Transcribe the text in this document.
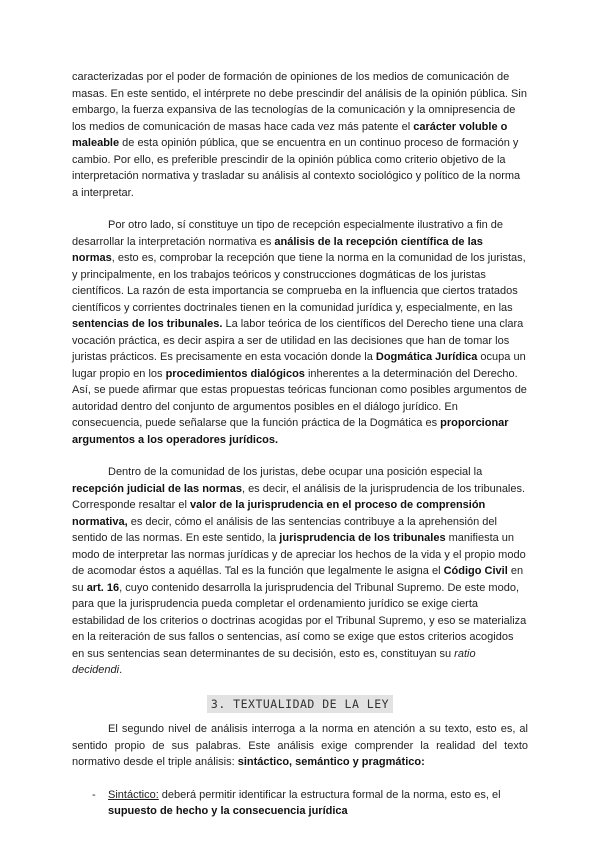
caracterizadas por el poder de formación de opiniones de los medios de comunicación de masas. En este sentido, el intérprete no debe prescindir del análisis de la opinión pública. Sin embargo, la fuerza expansiva de las tecnologías de la comunicación y la omnipresencia de los medios de comunicación de masas hace cada vez más patente el carácter voluble o maleable de esta opinión pública, que se encuentra en un continuo proceso de formación y cambio. Por ello, es preferible prescindir de la opinión pública como criterio objetivo de la interpretación normativa y trasladar su análisis al contexto sociológico y político de la norma a interpretar.

Por otro lado, sí constituye un tipo de recepción especialmente ilustrativo a fin de desarrollar la interpretación normativa es análisis de la recepción científica de las normas, esto es, comprobar la recepción que tiene la norma en la comunidad de los juristas, y principalmente, en los trabajos teóricos y construcciones dogmáticas de los juristas científicos. La razón de esta importancia se comprueba en la influencia que ciertos tratados científicos y corrientes doctrinales tienen en la comunidad jurídica y, especialmente, en las sentencias de los tribunales. La labor teórica de los científicos del Derecho tiene una clara vocación práctica, es decir aspira a ser de utilidad en las decisiones que han de tomar los juristas prácticos. Es precisamente en esta vocación donde la Dogmática Jurídica ocupa un lugar propio en los procedimientos dialógicos inherentes a la determinación del Derecho. Así, se puede afirmar que estas propuestas teóricas funcionan como posibles argumentos de autoridad dentro del conjunto de argumentos posibles en el diálogo jurídico. En consecuencia, puede señalarse que la función práctica de la Dogmática es proporcionar argumentos a los operadores jurídicos.

Dentro de la comunidad de los juristas, debe ocupar una posición especial la recepción judicial de las normas, es decir, el análisis de la jurisprudencia de los tribunales. Corresponde resaltar el valor de la jurisprudencia en el proceso de comprensión normativa, es decir, cómo el análisis de las sentencias contribuye a la aprehensión del sentido de las normas. En este sentido, la jurisprudencia de los tribunales manifiesta un modo de interpretar las normas jurídicas y de apreciar los hechos de la vida y el propio modo de acomodar éstos a aquéllas. Tal es la función que legalmente le asigna el Código Civil en su art. 16, cuyo contenido desarrolla la jurisprudencia del Tribunal Supremo. De este modo, para que la jurisprudencia pueda completar el ordenamiento jurídico se exige cierta estabilidad de los criterios o doctrinas acogidas por el Tribunal Supremo, y eso se materializa en la reiteración de sus fallos o sentencias, así como se exige que estos criterios acogidos en sus sentencias sean determinantes de su decisión, esto es, constituyan su ratio decidendi.

3. TEXTUALIDAD DE LA LEY

El segundo nivel de análisis interroga a la norma en atención a su texto, esto es, al sentido propio de sus palabras. Este análisis exige comprender la realidad del texto normativo desde el triple análisis: sintáctico, semántico y pragmático:

- Sintáctico: deberá permitir identificar la estructura formal de la norma, esto es, el supuesto de hecho y la consecuencia jurídica
